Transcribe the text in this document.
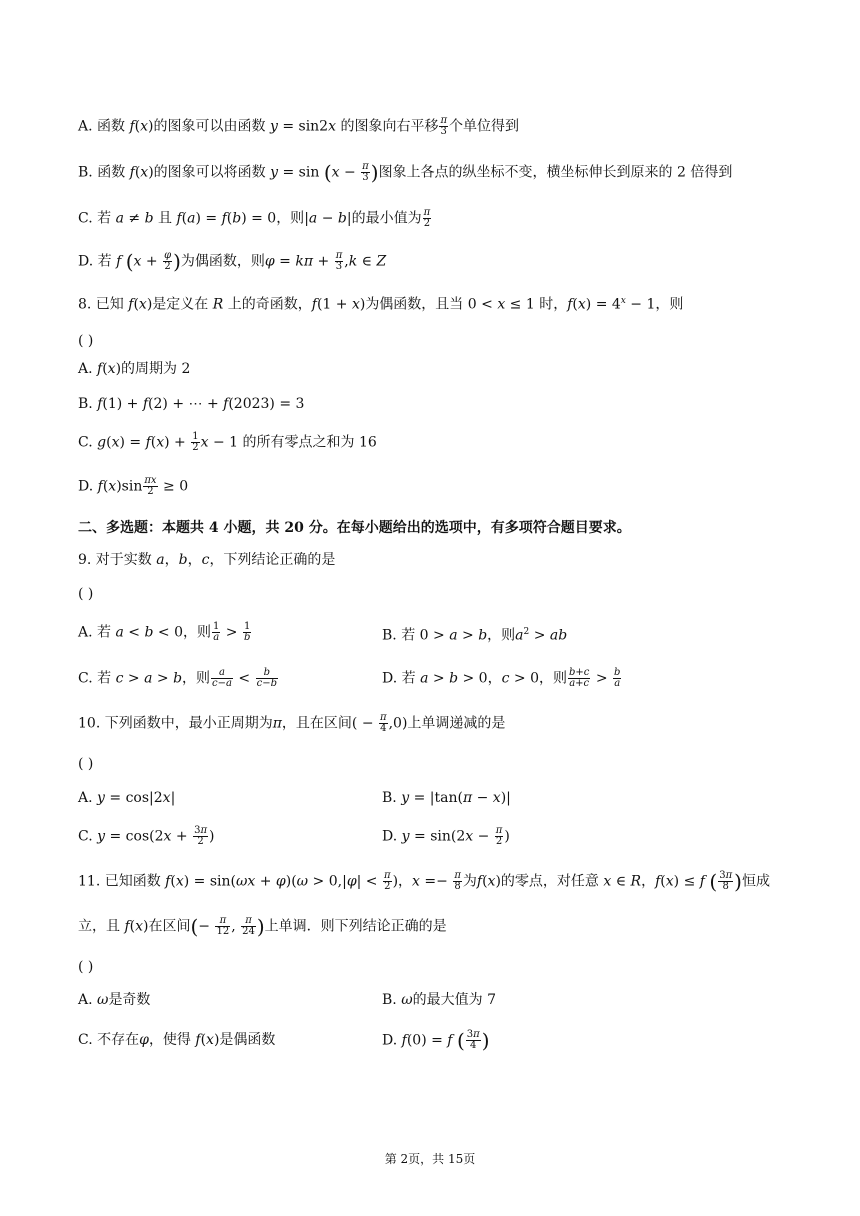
A. 函数 f(x)的图象可以由函数 y = sin2x 的图象向右平移 $\frac{\pi}{3}$ 个单位得到
B. 函数 f(x)的图象可以将函数 $y = \sin (x - \frac{\pi}{3}$ )图象上各点的纵坐标不变，横坐标伸长到原来的 2 倍得到
C. 若 a ≠ b 且 f(a) = f(b) = 0，则|a − b|的最小值为 $\frac{\pi}{2}$
D. 若 f ($x + \frac{\varphi}{2}$ )为偶函数，则$\varphi = k\pi + \frac{\pi}{3} ,k$ ∈ Z
8. 已知 f(x)是定义在 R 上的奇函数，f(1 + x)为偶函数，且当 0 < x ≤ 1 时，$f(x) = 4^x - 1$，则
( )
A. f(x)的周期为 2
B. f(1) + f(2) + ⋯ + f(2023) = 3
C. $g(x) = f(x) + \frac{1}{2}$ x − 1 的所有零点之和为 16
D. $f(x)\sin \frac{\pi x}{2} \ge 0$
二、多选题：本题共 4 小题，共 20 分。在每小题给出的选项中，有多项符合题目要求。
9. 对于实数 a，b，c，下列结论正确的是
( )
A. 若 a < b < 0，则 $\frac{1}{a} > \frac{1}{b}$	B. 若 0 > a > b，则$a^2$ > ab
C. 若 c > a > b，则 $\frac{a}{c-a} < \frac{b}{c-b}$	D. 若 a > b > 0，c > 0，则 $\frac{b+c}{a+c} > \frac{b}{a}$
10. 下列函数中，最小正周期为π，且在区间( − $\frac{\pi}{4} ,0$)上单调递减的是
( )
A. y = cos|2x|	B. y = |tan(π − x)|
C. $y = \cos(2x + \frac{3\pi}{2}$ )	D. $y = \sin(2x - \frac{\pi}{2}$ )
11. 已知函数 $f(x) = \sin(\omega x + \varphi)(\omega > 0,|\varphi| < \frac{\pi}{2}$ )，$x =- \frac{\pi}{8}$ 为f(x)的零点，对任意 x ∈ R，f(x) ≤ f ( $\frac{3\pi}{8}$ )恒成
立，且 f(x)在区间(− $\frac{\pi}{12}$ , $\frac{\pi}{24}$ )上单调．则下列结论正确的是
( )
A. ω是奇数	B. ω的最大值为 7
C. 不存在φ，使得 f(x)是偶函数	D. f(0) = f ( $\frac{3\pi}{4}$ )
第 2页，共 15页
